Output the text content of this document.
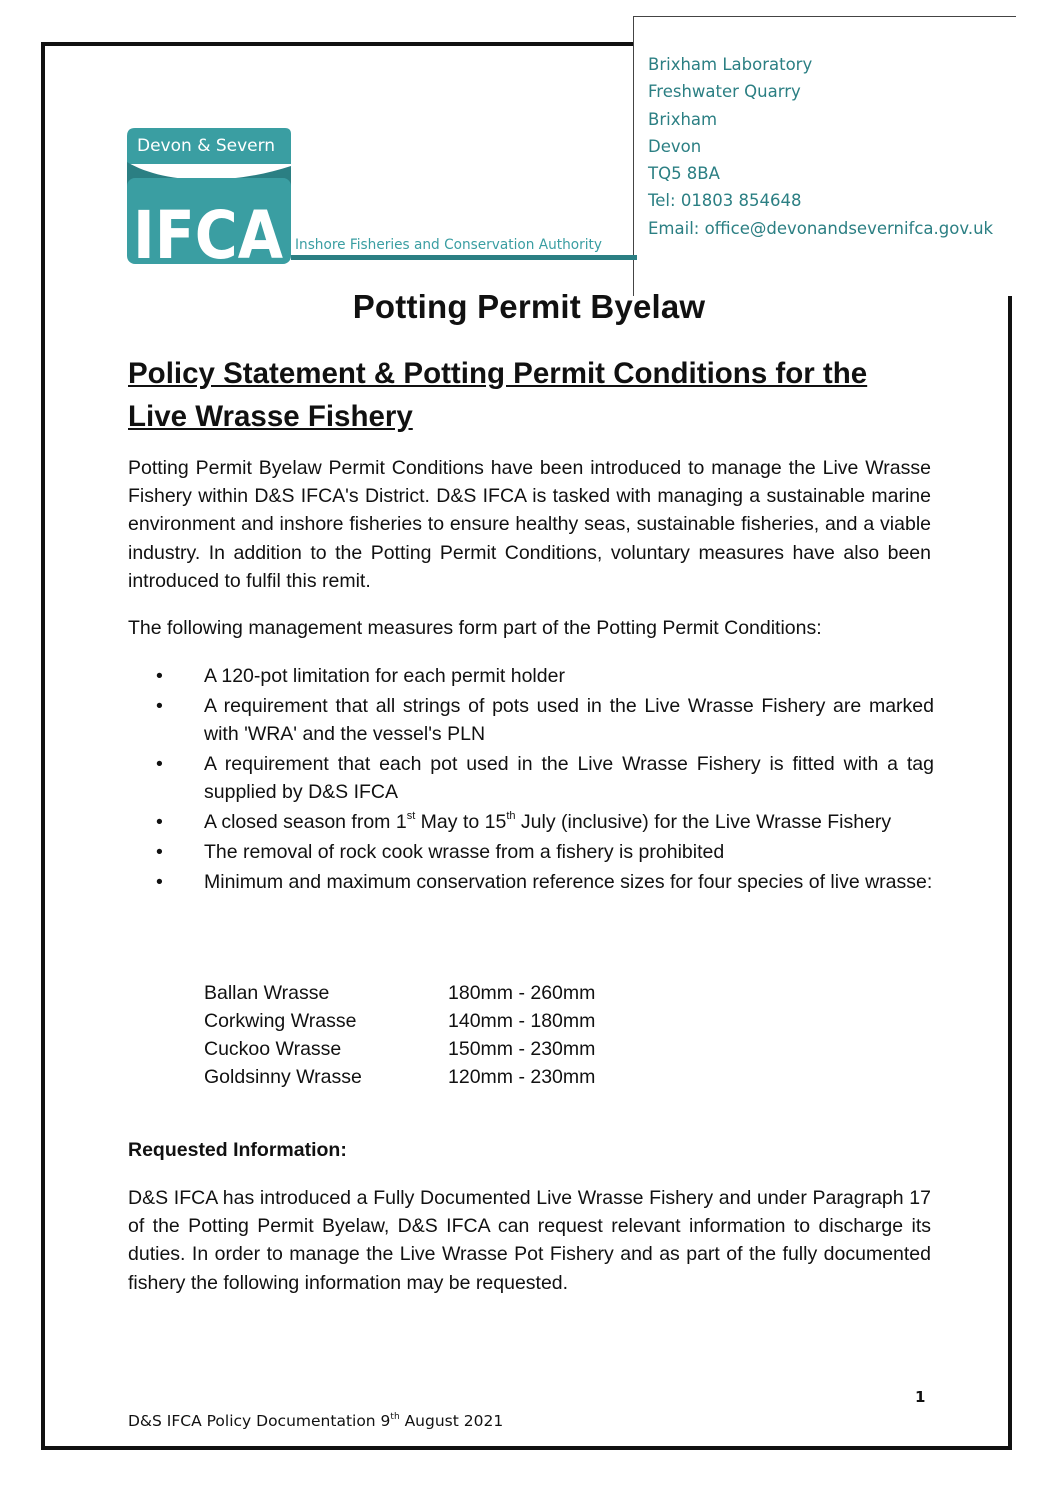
Brixham Laboratory
Freshwater Quarry
Brixham
Devon
TQ5 8BA
Tel: 01803 854648
Email: office@devonandsevernifca.gov.uk
Devon & Severn
IFCA Inshore Fisheries and Conservation Authority
Potting Permit Byelaw
Policy Statement & Potting Permit Conditions for the Live Wrasse Fishery

Potting Permit Byelaw Permit Conditions have been introduced to manage the Live Wrasse Fishery within D&S IFCA's District. D&S IFCA is tasked with managing a sustainable marine environment and inshore fisheries to ensure healthy seas, sustainable fisheries, and a viable industry. In addition to the Potting Permit Conditions, voluntary measures have also been introduced to fulfil this remit.

The following management measures form part of the Potting Permit Conditions:

• A 120-pot limitation for each permit holder
• A requirement that all strings of pots used in the Live Wrasse Fishery are marked with 'WRA' and the vessel's PLN
• A requirement that each pot used in the Live Wrasse Fishery is fitted with a tag supplied by D&S IFCA
• A closed season from 1st May to 15th July (inclusive) for the Live Wrasse Fishery
• The removal of rock cook wrasse from a fishery is prohibited
• Minimum and maximum conservation reference sizes for four species of live wrasse:
Ballan Wrasse	180mm - 260mm
Corkwing Wrasse	140mm - 180mm
Cuckoo Wrasse	150mm - 230mm
Goldsinny Wrasse	120mm - 230mm

Requested Information:

D&S IFCA has introduced a Fully Documented Live Wrasse Fishery and under Paragraph 17 of the Potting Permit Byelaw, D&S IFCA can request relevant information to discharge its duties. In order to manage the Live Wrasse Pot Fishery and as part of the fully documented fishery the following information may be requested.

1
D&S IFCA Policy Documentation 9th August 2021
